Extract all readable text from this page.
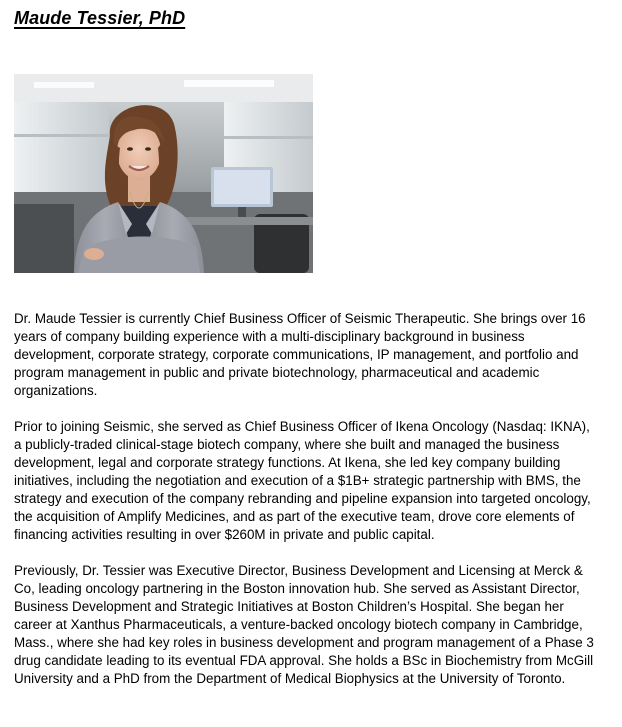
Maude Tessier, PhD

Dr. Maude Tessier is currently Chief Business Officer of Seismic Therapeutic. She brings over 16 years of company building experience with a multi-disciplinary background in business development, corporate strategy, corporate communications, IP management, and portfolio and program management in public and private biotechnology, pharmaceutical and academic organizations.

Prior to joining Seismic, she served as Chief Business Officer of Ikena Oncology (Nasdaq: IKNA), a publicly-traded clinical-stage biotech company, where she built and managed the business development, legal and corporate strategy functions. At Ikena, she led key company building initiatives, including the negotiation and execution of a $1B+ strategic partnership with BMS, the strategy and execution of the company rebranding and pipeline expansion into targeted oncology, the acquisition of Amplify Medicines, and as part of the executive team, drove core elements of financing activities resulting in over $260M in private and public capital.

Previously, Dr. Tessier was Executive Director, Business Development and Licensing at Merck & Co, leading oncology partnering in the Boston innovation hub. She served as Assistant Director, Business Development and Strategic Initiatives at Boston Children’s Hospital. She began her career at Xanthus Pharmaceuticals, a venture-backed oncology biotech company in Cambridge, Mass., where she had key roles in business development and program management of a Phase 3 drug candidate leading to its eventual FDA approval. She holds a BSc in Biochemistry from McGill University and a PhD from the Department of Medical Biophysics at the University of Toronto.
